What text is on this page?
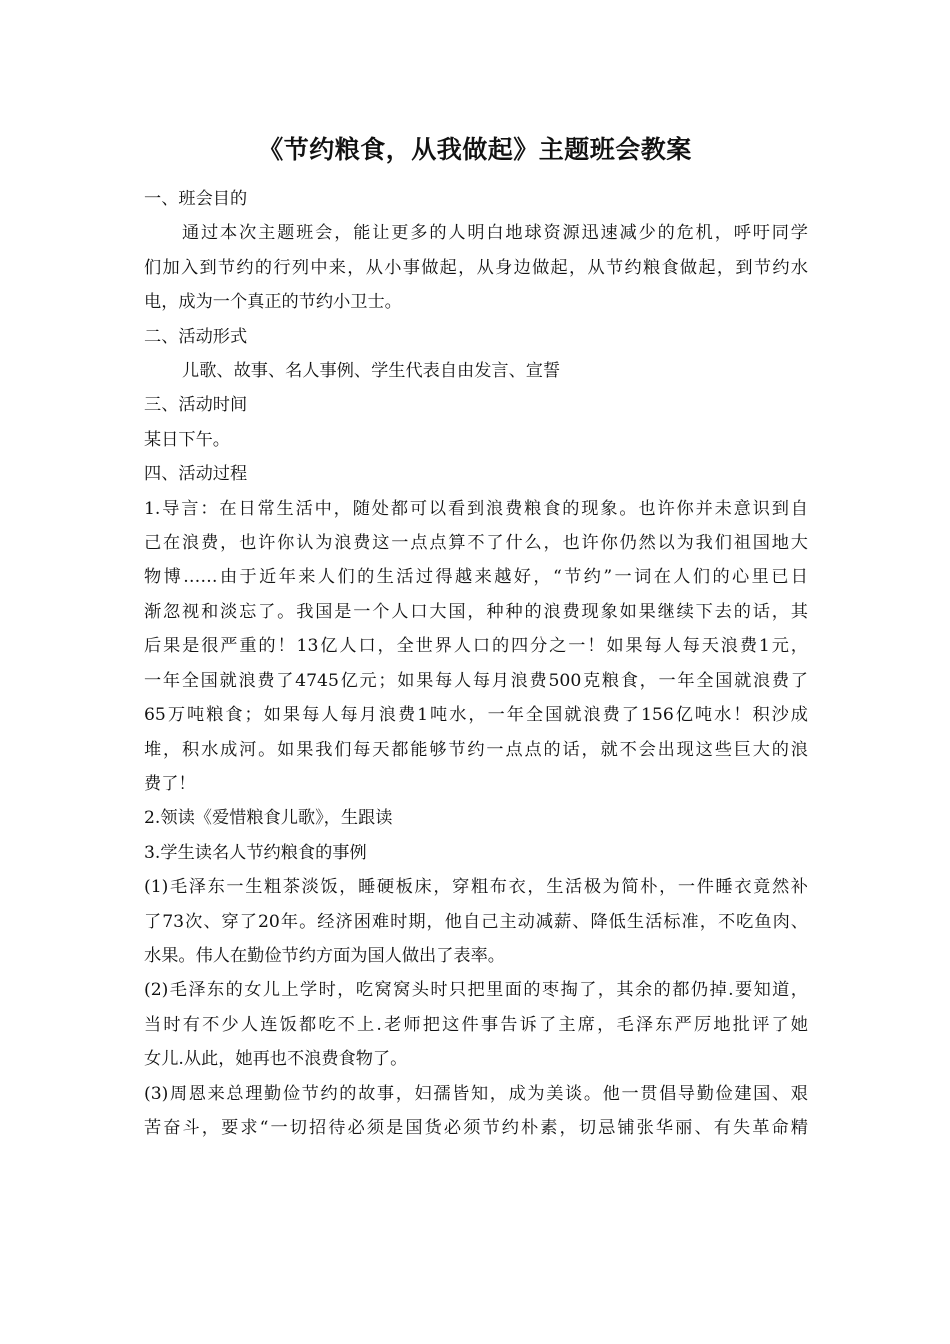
《节约粮食，从我做起》主题班会教案

一、班会目的

通过本次主题班会，能让更多的人明白地球资源迅速减少的危机，呼吁同学

们加入到节约的行列中来，从小事做起，从身边做起，从节约粮食做起，到节约水

电，成为一个真正的节约小卫士。

二、活动形式

儿歌、故事、名人事例、学生代表自由发言、宣誓

三、活动时间

某日下午。

四、活动过程

1.导言：在日常生活中，随处都可以看到浪费粮食的现象。也许你并未意识到自

己在浪费，也许你认为浪费这一点点算不了什么，也许你仍然以为我们祖国地大

物博……由于近年来人们的生活过得越来越好，“节约”一词在人们的心里已日

渐忽视和淡忘了。我国是一个人口大国，种种的浪费现象如果继续下去的话，其

后果是很严重的！13亿人口，全世界人口的四分之一！如果每人每天浪费1元，

一年全国就浪费了4745亿元；如果每人每月浪费500克粮食，一年全国就浪费了

65万吨粮食；如果每人每月浪费1吨水，一年全国就浪费了156亿吨水！积沙成

堆，积水成河。如果我们每天都能够节约一点点的话，就不会出现这些巨大的浪

费了！

2.领读《爱惜粮食儿歌》，生跟读

3.学生读名人节约粮食的事例

(1)毛泽东一生粗茶淡饭，睡硬板床，穿粗布衣，生活极为简朴，一件睡衣竟然补

了73次、穿了20年。经济困难时期，他自己主动减薪、降低生活标准，不吃鱼肉、

水果。伟人在勤俭节约方面为国人做出了表率。

(2)毛泽东的女儿上学时，吃窝窝头时只把里面的枣掏了，其余的都仍掉.要知道，

当时有不少人连饭都吃不上.老师把这件事告诉了主席，毛泽东严厉地批评了她

女儿.从此，她再也不浪费食物了。

(3)周恩来总理勤俭节约的故事，妇孺皆知，成为美谈。他一贯倡导勤俭建国、艰

苦奋斗，要求“一切招待必须是国货必须节约朴素，切忌铺张华丽、有失革命精
